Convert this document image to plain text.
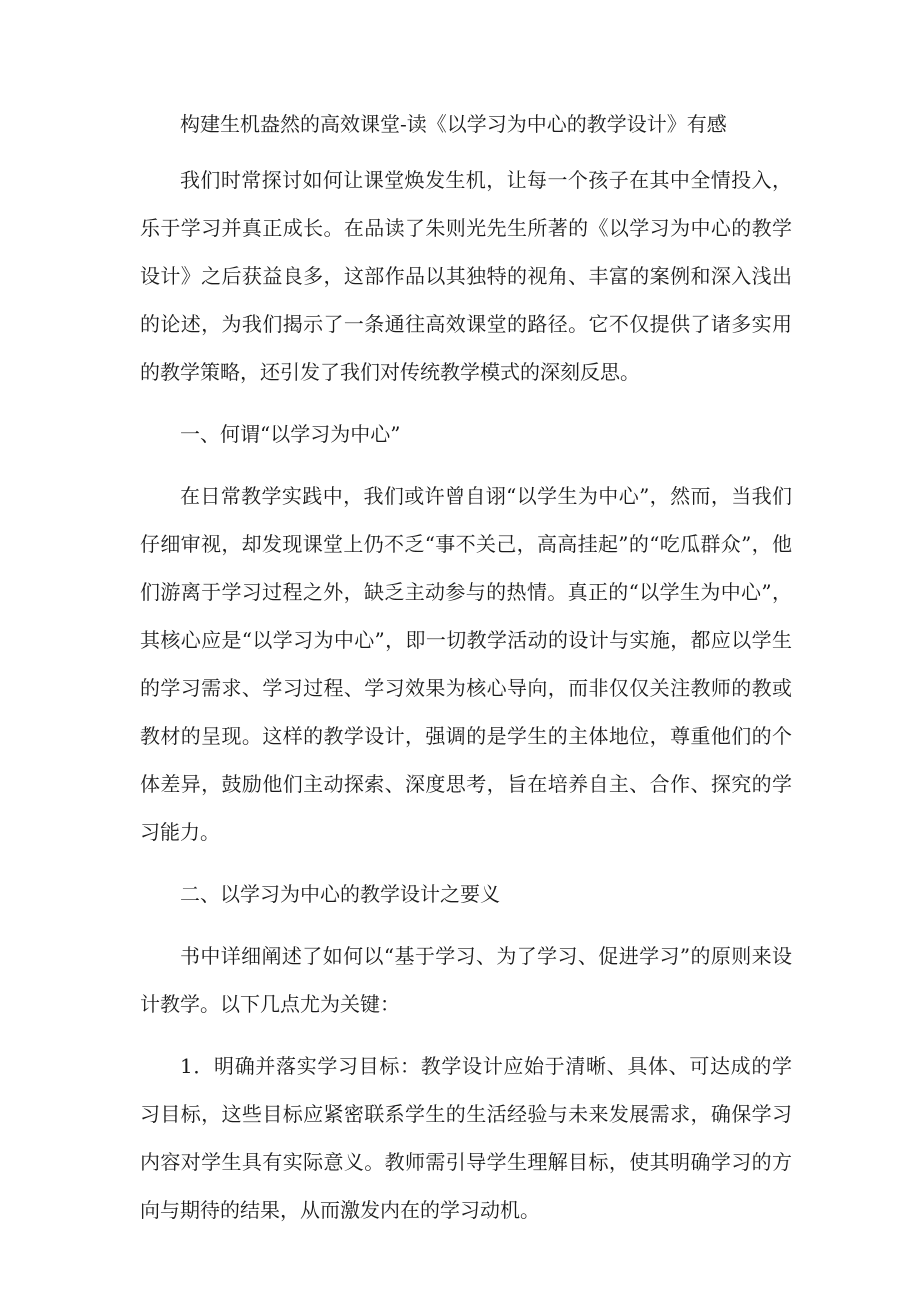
构建生机盎然的高效课堂-读《以学习为中心的教学设计》有感

我们时常探讨如何让课堂焕发生机，让每一个孩子在其中全情投入，乐于学习并真正成长。在品读了朱则光先生所著的《以学习为中心的教学设计》之后获益良多，这部作品以其独特的视角、丰富的案例和深入浅出的论述，为我们揭示了一条通往高效课堂的路径。它不仅提供了诸多实用的教学策略，还引发了我们对传统教学模式的深刻反思。

一、何谓“以学习为中心”

在日常教学实践中，我们或许曾自诩“以学生为中心”，然而，当我们仔细审视，却发现课堂上仍不乏“事不关己，高高挂起”的“吃瓜群众”，他们游离于学习过程之外，缺乏主动参与的热情。真正的“以学生为中心”，其核心应是“以学习为中心”，即一切教学活动的设计与实施，都应以学生的学习需求、学习过程、学习效果为核心导向，而非仅仅关注教师的教或教材的呈现。这样的教学设计，强调的是学生的主体地位，尊重他们的个体差异，鼓励他们主动探索、深度思考，旨在培养自主、合作、探究的学习能力。

二、以学习为中心的教学设计之要义

书中详细阐述了如何以“基于学习、为了学习、促进学习”的原则来设计教学。以下几点尤为关键：

1．明确并落实学习目标：教学设计应始于清晰、具体、可达成的学习目标，这些目标应紧密联系学生的生活经验与未来发展需求，确保学习内容对学生具有实际意义。教师需引导学生理解目标，使其明确学习的方向与期待的结果，从而激发内在的学习动机。
